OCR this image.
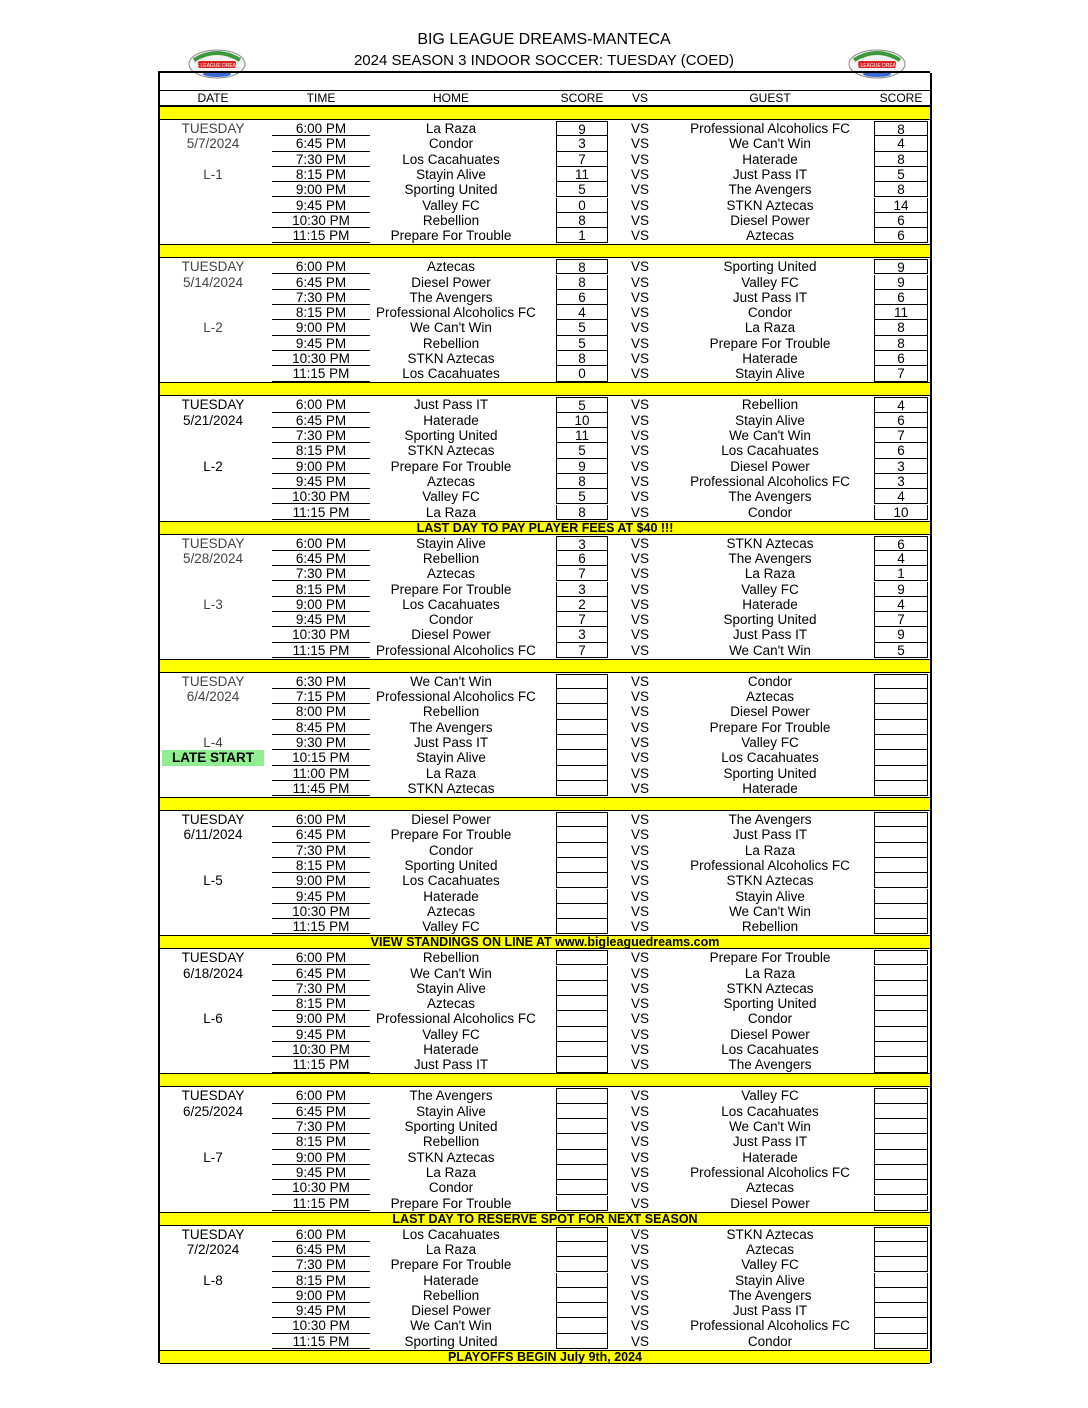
BIG LEAGUE DREAMS-MANTECA
2024 SEASON 3 INDOOR SOCCER: TUESDAY (COED)
BIG LEAGUE DREAMS	BIG LEAGUE DREAMS
DATE	TIME	HOME	SCORE	VS	GUEST	SCORE
TUESDAY	6:00 PM	La Raza	9	VS	Professional Alcoholics FC	8
5/7/2024	6:45 PM	Condor	3	VS	We Can't Win	4
7:30 PM	Los Cacahuates	7	VS	Haterade	8
L-1	8:15 PM	Stayin Alive	11	VS	Just Pass IT	5
9:00 PM	Sporting United	5	VS	The Avengers	8
9:45 PM	Valley FC	0	VS	STKN Aztecas	14
10:30 PM	Rebellion	8	VS	Diesel Power	6
11:15 PM	Prepare For Trouble	1	VS	Aztecas	6
TUESDAY	6:00 PM	Aztecas	8	VS	Sporting United	9
5/14/2024	6:45 PM	Diesel Power	8	VS	Valley FC	9
7:30 PM	The Avengers	6	VS	Just Pass IT	6
8:15 PM	Professional Alcoholics FC	4	VS	Condor	11
L-2	9:00 PM	We Can't Win	5	VS	La Raza	8
9:45 PM	Rebellion	5	VS	Prepare For Trouble	8
10:30 PM	STKN Aztecas	8	VS	Haterade	6
11:15 PM	Los Cacahuates	0	VS	Stayin Alive	7
TUESDAY	6:00 PM	Just Pass IT	5	VS	Rebellion	4
5/21/2024	6:45 PM	Haterade	10	VS	Stayin Alive	6
7:30 PM	Sporting United	11	VS	We Can't Win	7
8:15 PM	STKN Aztecas	5	VS	Los Cacahuates	6
L-2	9:00 PM	Prepare For Trouble	9	VS	Diesel Power	3
9:45 PM	Aztecas	8	VS	Professional Alcoholics FC	3
10:30 PM	Valley FC	5	VS	The Avengers	4
11:15 PM	La Raza	8	VS	Condor	10
LAST DAY TO PAY PLAYER FEES AT $40 !!!
TUESDAY	6:00 PM	Stayin Alive	3	VS	STKN Aztecas	6
5/28/2024	6:45 PM	Rebellion	6	VS	The Avengers	4
7:30 PM	Aztecas	7	VS	La Raza	1
8:15 PM	Prepare For Trouble	3	VS	Valley FC	9
L-3	9:00 PM	Los Cacahuates	2	VS	Haterade	4
9:45 PM	Condor	7	VS	Sporting United	7
10:30 PM	Diesel Power	3	VS	Just Pass IT	9
11:15 PM	Professional Alcoholics FC	7	VS	We Can't Win	5
TUESDAY	6:30 PM	We Can't Win	VS	Condor
6/4/2024	7:15 PM	Professional Alcoholics FC	VS	Aztecas
8:00 PM	Rebellion	VS	Diesel Power
8:45 PM	The Avengers	VS	Prepare For Trouble
L-4	9:30 PM	Just Pass IT	VS	Valley FC
LATE START	10:15 PM	Stayin Alive	VS	Los Cacahuates
11:00 PM	La Raza	VS	Sporting United
11:45 PM	STKN Aztecas	VS	Haterade
TUESDAY	6:00 PM	Diesel Power	VS	The Avengers
6/11/2024	6:45 PM	Prepare For Trouble	VS	Just Pass IT
7:30 PM	Condor	VS	La Raza
8:15 PM	Sporting United	VS	Professional Alcoholics FC
L-5	9:00 PM	Los Cacahuates	VS	STKN Aztecas
9:45 PM	Haterade	VS	Stayin Alive
10:30 PM	Aztecas	VS	We Can't Win
11:15 PM	Valley FC	VS	Rebellion
VIEW STANDINGS ON LINE AT www.bigleaguedreams.com
TUESDAY	6:00 PM	Rebellion	VS	Prepare For Trouble
6/18/2024	6:45 PM	We Can't Win	VS	La Raza
7:30 PM	Stayin Alive	VS	STKN Aztecas
8:15 PM	Aztecas	VS	Sporting United
L-6	9:00 PM	Professional Alcoholics FC	VS	Condor
9:45 PM	Valley FC	VS	Diesel Power
10:30 PM	Haterade	VS	Los Cacahuates
11:15 PM	Just Pass IT	VS	The Avengers
TUESDAY	6:00 PM	The Avengers	VS	Valley FC
6/25/2024	6:45 PM	Stayin Alive	VS	Los Cacahuates
7:30 PM	Sporting United	VS	We Can't Win
8:15 PM	Rebellion	VS	Just Pass IT
L-7	9:00 PM	STKN Aztecas	VS	Haterade
9:45 PM	La Raza	VS	Professional Alcoholics FC
10:30 PM	Condor	VS	Aztecas
11:15 PM	Prepare For Trouble	VS	Diesel Power
LAST DAY TO RESERVE SPOT FOR NEXT SEASON
TUESDAY	6:00 PM	Los Cacahuates	VS	STKN Aztecas
7/2/2024	6:45 PM	La Raza	VS	Aztecas
7:30 PM	Prepare For Trouble	VS	Valley FC
L-8	8:15 PM	Haterade	VS	Stayin Alive
9:00 PM	Rebellion	VS	The Avengers
9:45 PM	Diesel Power	VS	Just Pass IT
10:30 PM	We Can't Win	VS	Professional Alcoholics FC
11:15 PM	Sporting United	VS	Condor
PLAYOFFS BEGIN July 9th, 2024
